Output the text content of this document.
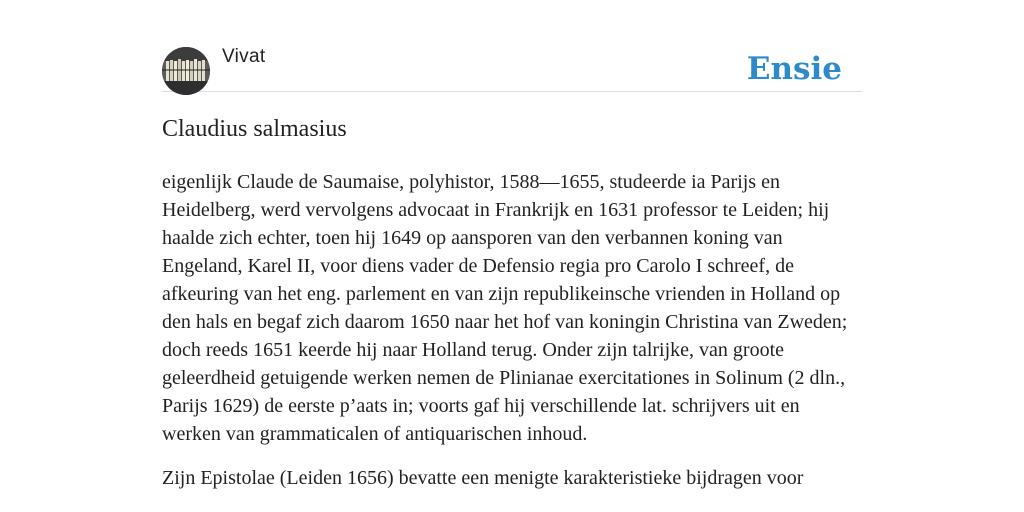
Vivat	Ensie
Claudius salmasius

eigenlijk Claude de Saumaise, polyhistor, 1588—1655, studeerde ia Parijs en Heidelberg, werd vervolgens advocaat in Frankrijk en 1631 professor te Leiden; hij haalde zich echter, toen hij 1649 op aansporen van den verbannen koning van Engeland, Karel II, voor diens vader de Defensio regia pro Carolo I schreef, de afkeuring van het eng. parlement en van zijn republikeinsche vrienden in Holland op den hals en begaf zich daarom 1650 naar het hof van koningin Christina van Zweden; doch reeds 1651 keerde hij naar Holland terug. Onder zijn talrijke, van groote geleerdheid getuigende werken nemen de Plinianae exercitationes in Solinum (2 dln., Parijs 1629) de eerste p’aats in; voorts gaf hij verschillende lat. schrijvers uit en werken van grammaticalen of antiquarischen inhoud.

Zijn Epistolae (Leiden 1656) bevatte een menigte karakteristieke bijdragen voor
